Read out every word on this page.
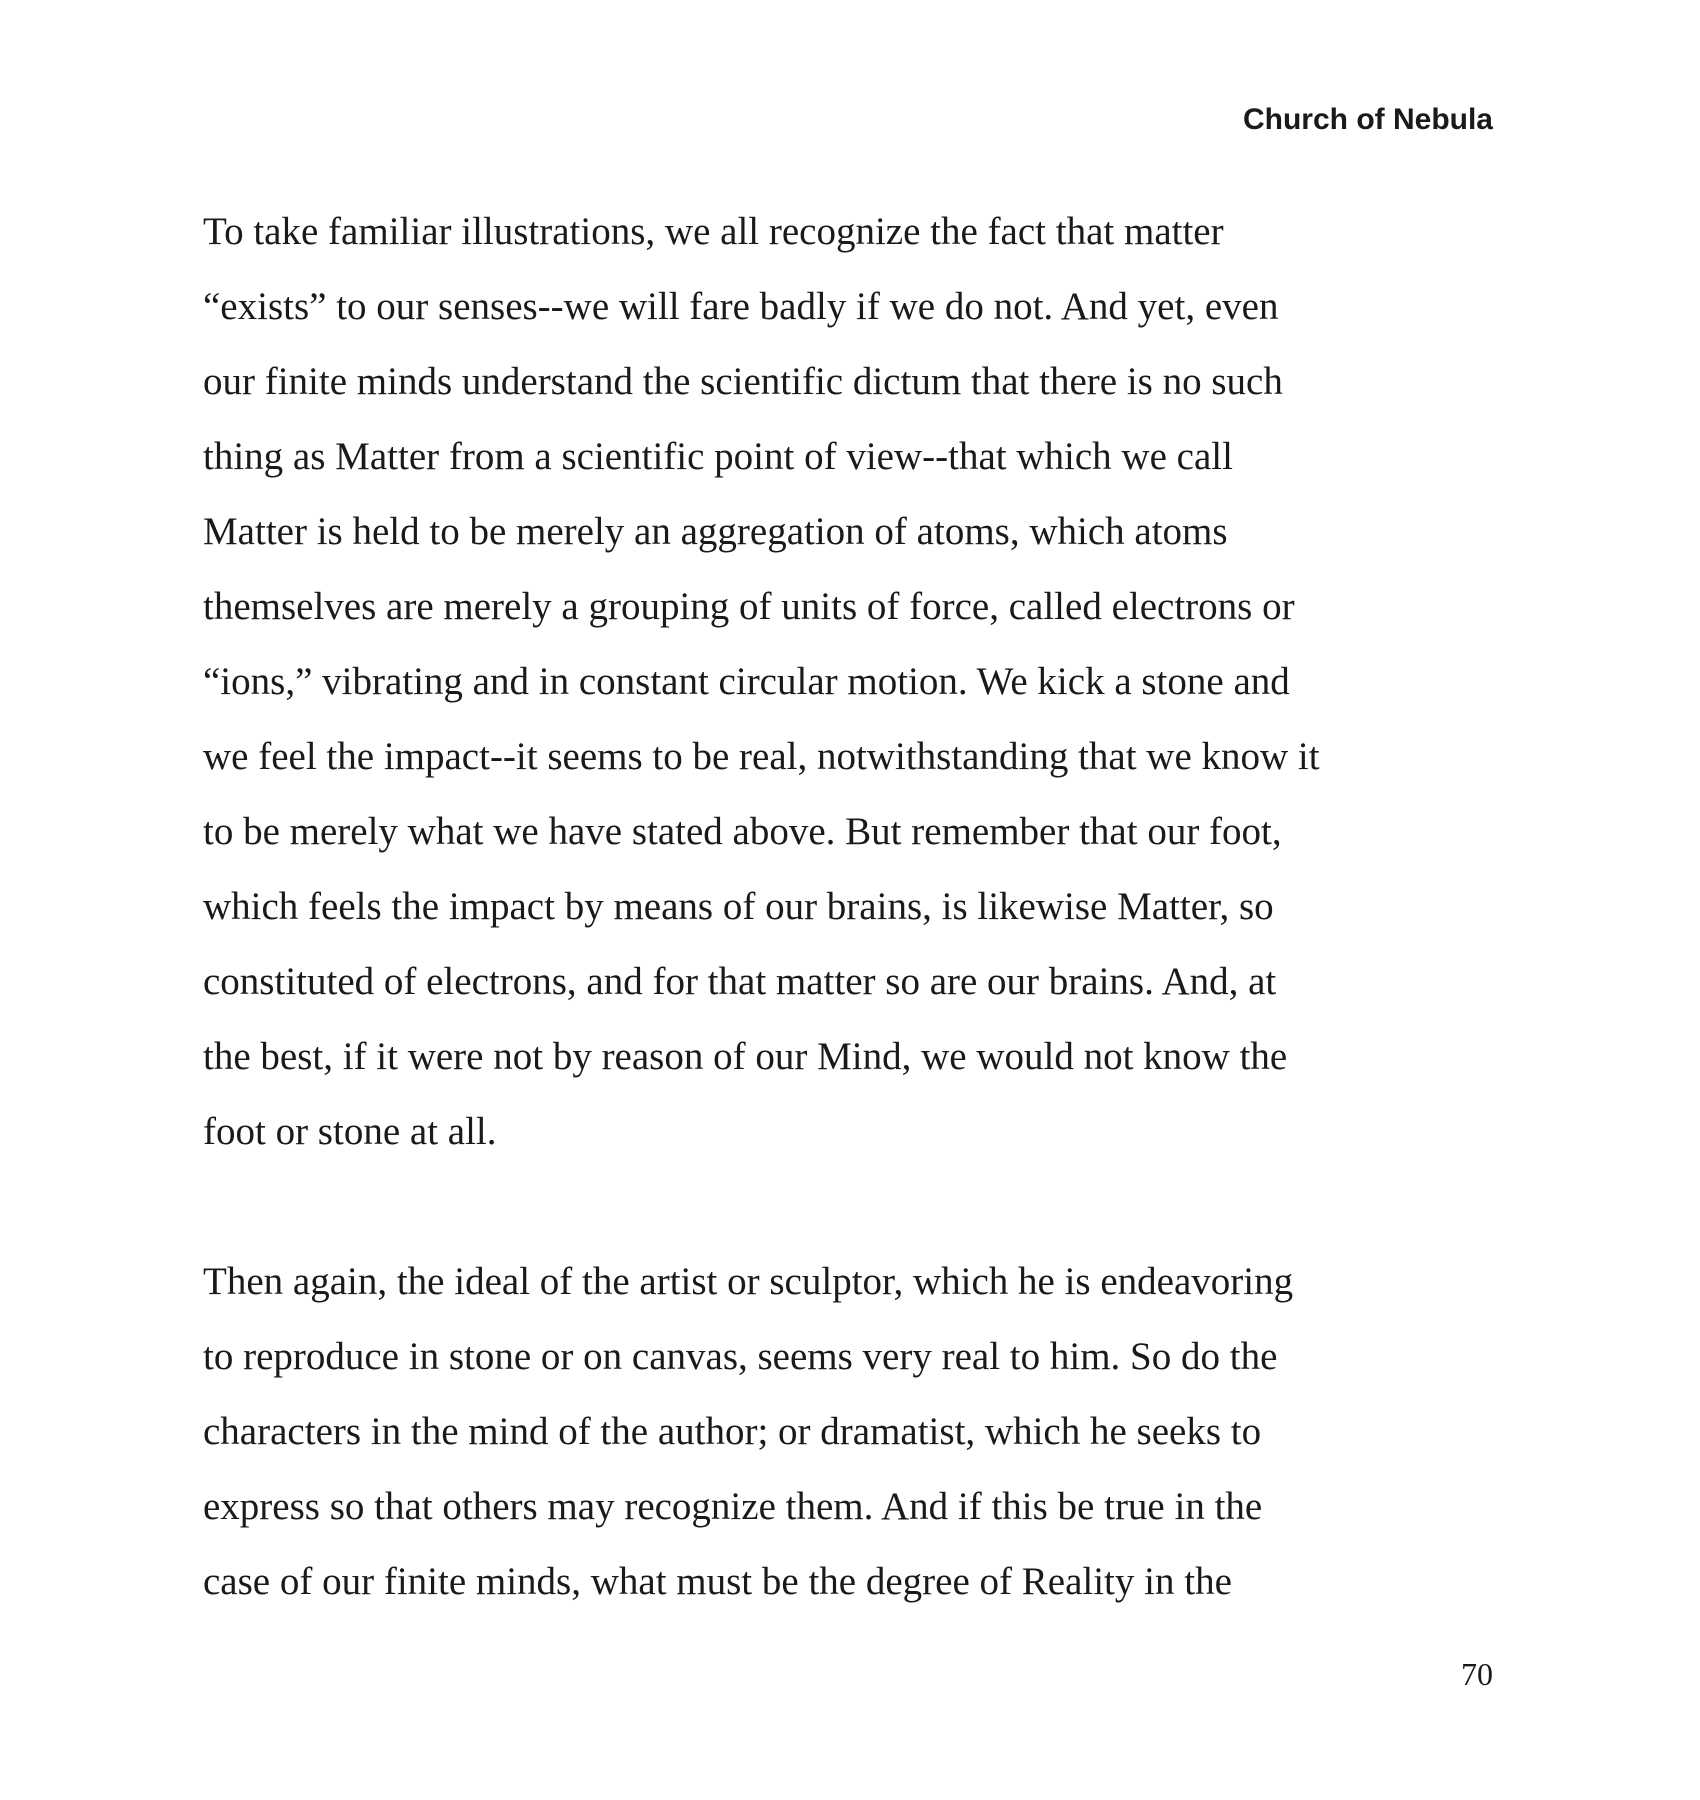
Church of Nebula
To take familiar illustrations, we all recognize the fact that matter
“exists” to our senses--we will fare badly if we do not. And yet, even
our finite minds understand the scientific dictum that there is no such
thing as Matter from a scientific point of view--that which we call
Matter is held to be merely an aggregation of atoms, which atoms
themselves are merely a grouping of units of force, called electrons or
“ions,” vibrating and in constant circular motion. We kick a stone and
we feel the impact--it seems to be real, notwithstanding that we know it
to be merely what we have stated above. But remember that our foot,
which feels the impact by means of our brains, is likewise Matter, so
constituted of electrons, and for that matter so are our brains. And, at
the best, if it were not by reason of our Mind, we would not know the
foot or stone at all.
Then again, the ideal of the artist or sculptor, which he is endeavoring
to reproduce in stone or on canvas, seems very real to him. So do the
characters in the mind of the author; or dramatist, which he seeks to
express so that others may recognize them. And if this be true in the
case of our finite minds, what must be the degree of Reality in the
70
